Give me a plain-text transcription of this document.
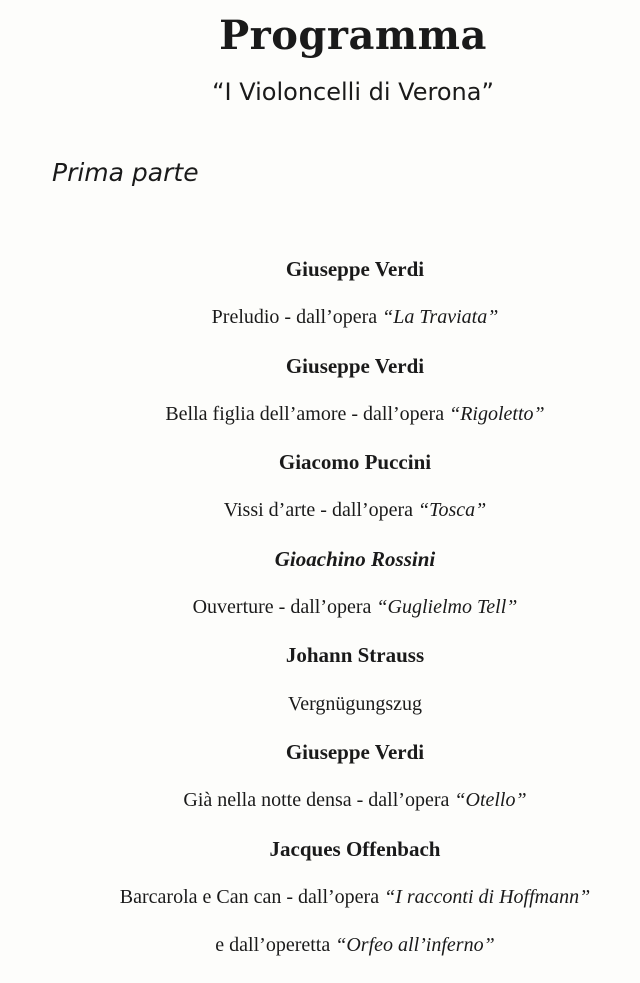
Programma
“I Violoncelli di Verona”
Prima parte
Giuseppe Verdi
Preludio - dall’opera “La Traviata”
Giuseppe Verdi
Bella figlia dell’amore - dall’opera “Rigoletto”
Giacomo Puccini
Vissi d’arte - dall’opera “Tosca”
Gioachino Rossini
Ouverture - dall’opera “Guglielmo Tell”
Johann Strauss
Vergnügungszug
Giuseppe Verdi
Già nella notte densa - dall’opera “Otello”
Jacques Offenbach
Barcarola e Can can - dall’opera “I racconti di Hoffmann”
e dall’operetta “Orfeo all’inferno”
